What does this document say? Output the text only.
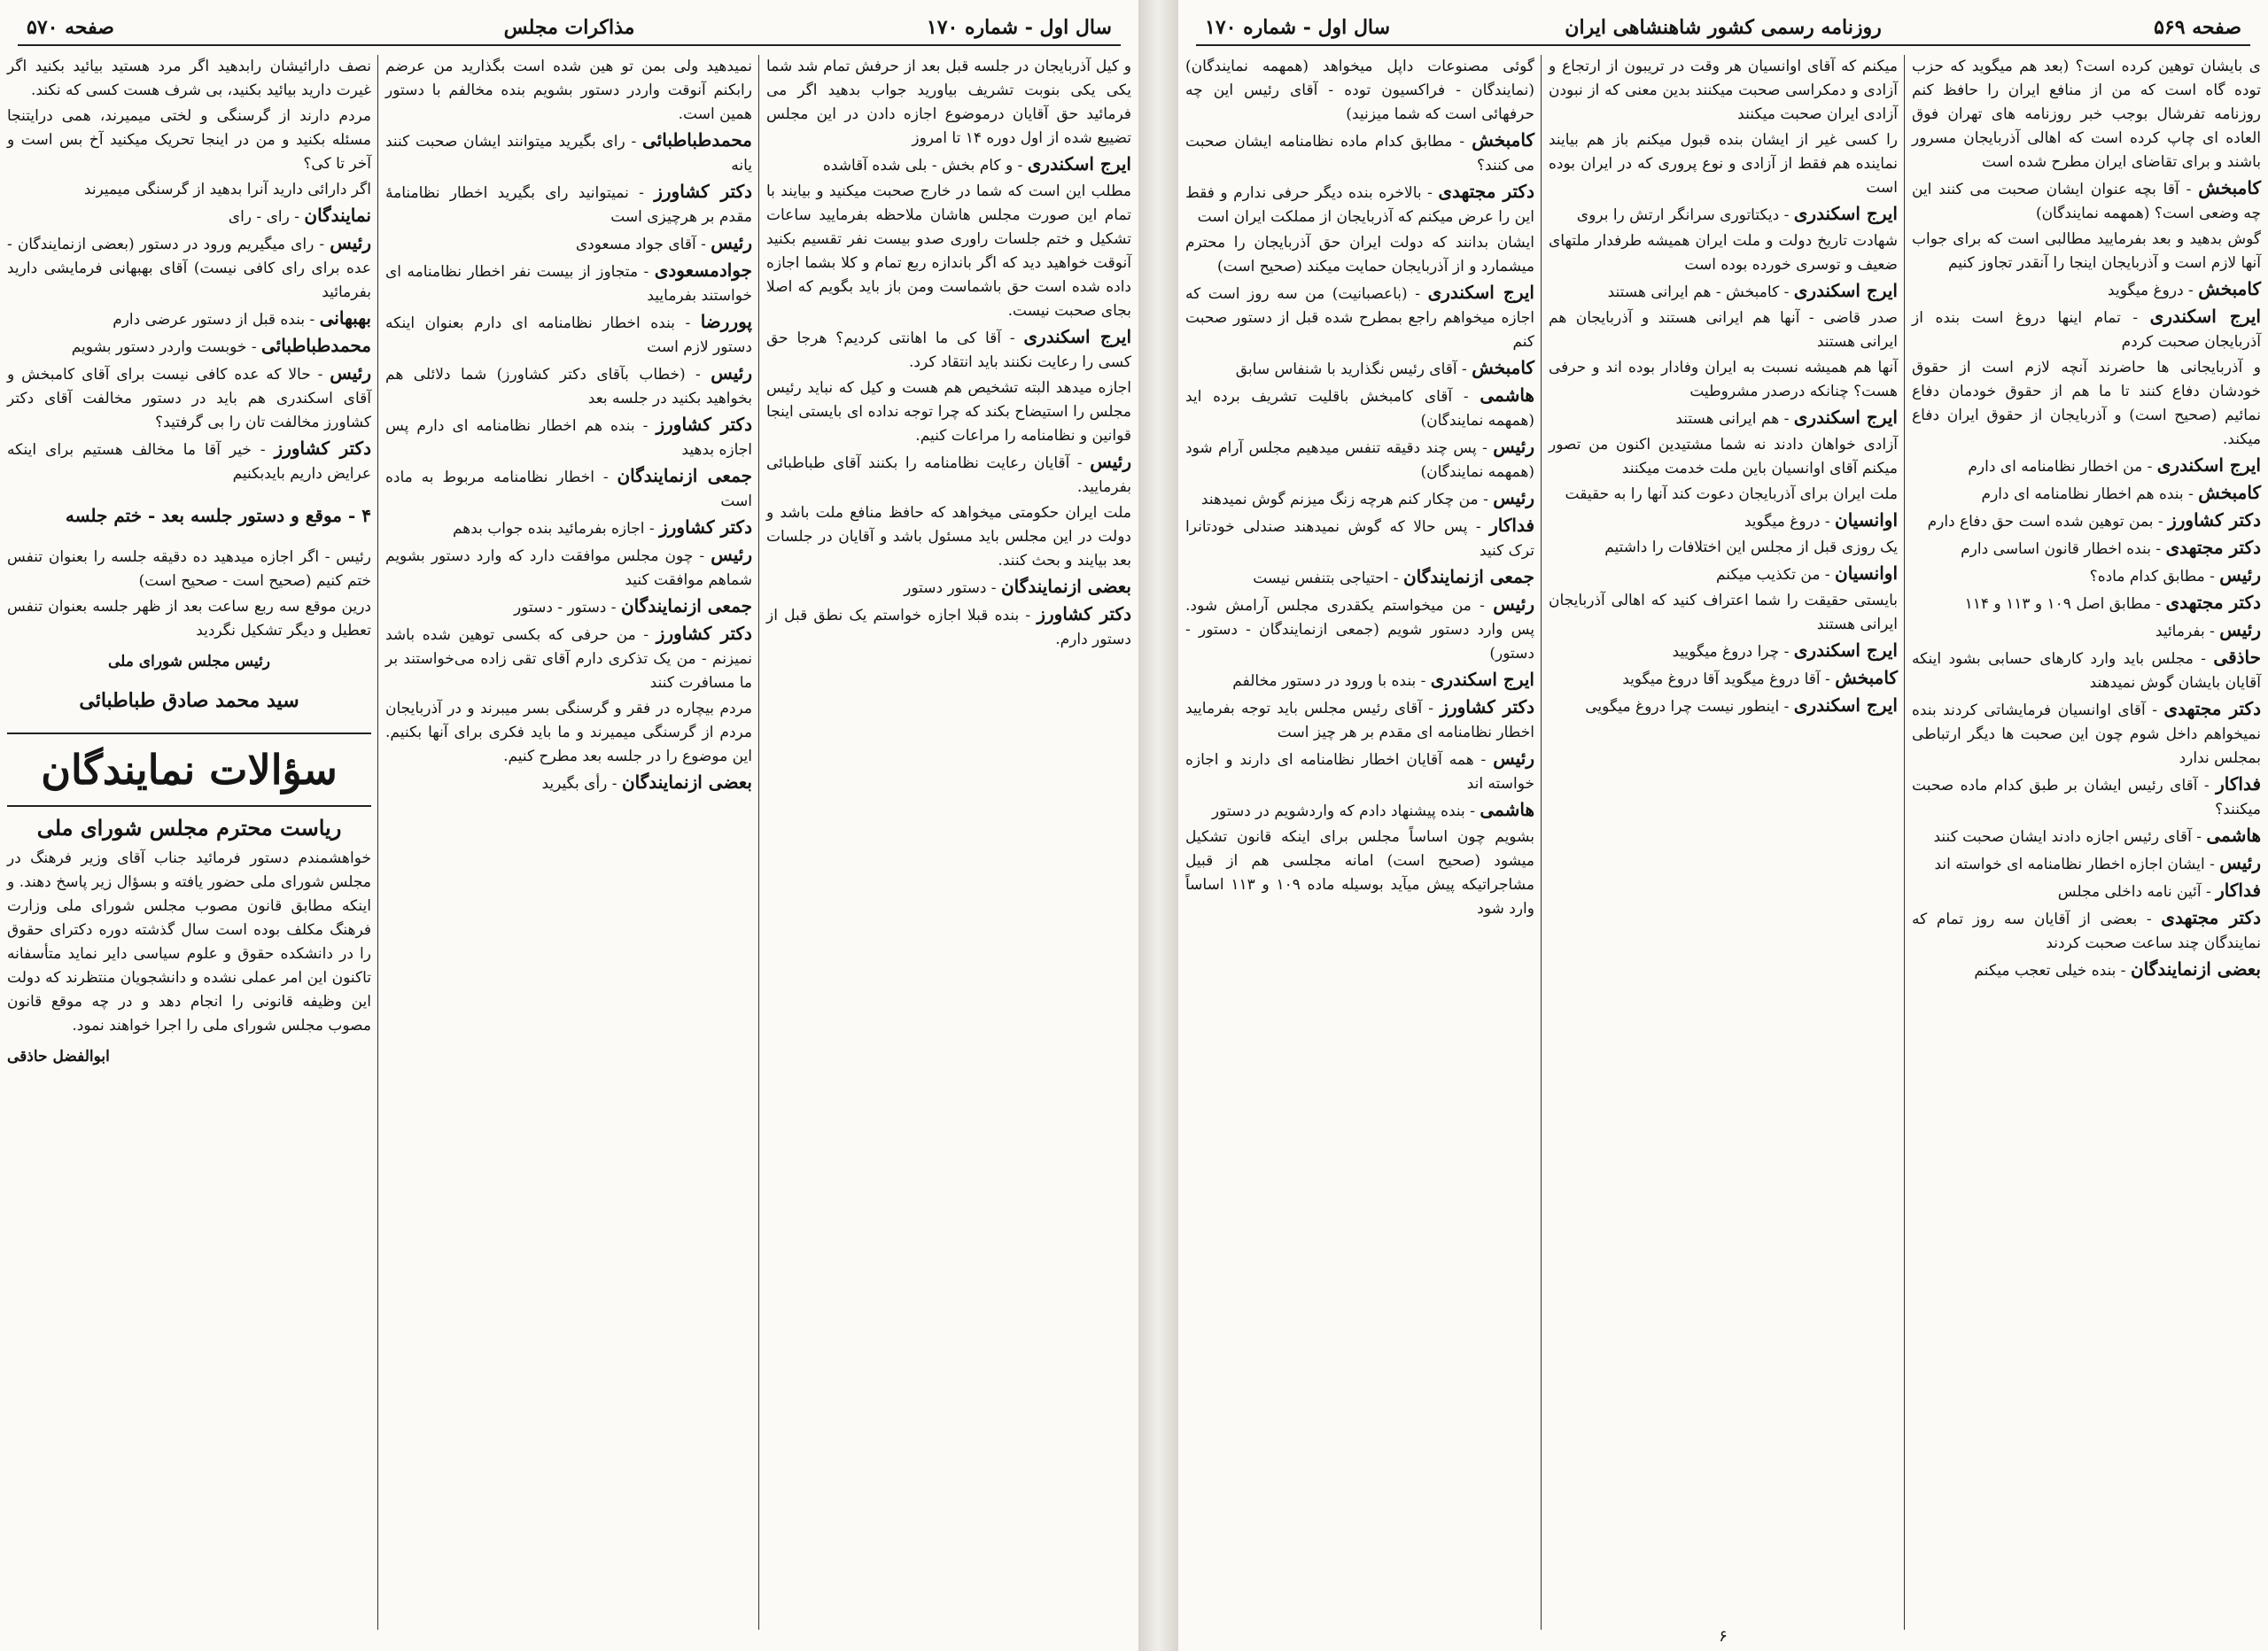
صفحه ۵۷۰	مذاکرات مجلس	سال اول - شماره ۱۷۰

و کیل آذربایجان در جلسه قبل بعد از حرفش تمام شد شما یکی یکی بنوبت تشریف بیاورید جواب بدهید اگر می فرمائید حق آقایان درموضوع اجازه دادن در این مجلس تضییع شده از اول دوره ۱۴ تا امروز

ایرج اسکندری - و کام بخش - بلی شده آقاشده

مطلب این است که شما در خارج صحبت میکنید و بیایند با تمام این صورت مجلس هاشان ملاحظه بفرمایید ساعات تشکیل و ختم جلسات راوری صدو بیست نفر تقسیم بکنید آنوقت خواهید دید که اگر باندازه ربع تمام و کلا بشما اجازه داده شده است حق باشماست ومن باز باید بگویم که اصلا بجای صحبت نیست.

ایرج اسکندری - آقا کی ما اهانتی کردیم؟ هرجا حق کسی را رعایت نکنند باید انتقاد کرد.

اجازه میدهد البته تشخیص هم هست و کیل که نباید رئیس مجلس را استیضاح بکند که چرا توجه نداده ای بایستی اینجا قوانین و نظامنامه را مراعات کنیم.

رئیس - آقایان رعایت نظامنامه را بکنند آقای طباطبائی بفرمایید.

ملت ایران حکومتی میخواهد که حافظ منافع ملت باشد و دولت در این مجلس باید مسئول باشد و آقایان در جلسات بعد بیایند و بحث کنند.

بعضی ازنمایندگان - دستور دستور

دکتر کشاورز - بنده قبلا اجازه خواستم یک نطق قبل از دستور دارم.

نمیدهید ولی بمن تو هین شده است بگذارید من عرضم رابکنم آنوقت واردر دستور بشویم بنده مخالفم با دستور همین است.

محمدطباطبائی - رای بگیرید میتوانند ایشان صحبت کنند یانه

دکتر کشاورز - نمیتوانید رای بگیرید اخطار نظامنامهٔ مقدم بر هرچیزی است

رئیس - آقای جواد مسعودی

جوادمسعودی - متجاوز از بیست نفر اخطار نظامنامه ای خواستند بفرمایید

پوررضا - بنده اخطار نظامنامه ای دارم بعنوان اینکه دستور لازم است

رئیس - (خطاب بآقای دکتر کشاورز) شما دلائلی هم بخواهید بکنید در جلسه بعد

دکتر کشاورز - بنده هم اخطار نظامنامه ای دارم پس اجازه بدهید

جمعی ازنمایندگان - اخطار نظامنامه مربوط به ماده است

دکتر کشاورز - اجازه بفرمائید بنده جواب بدهم

رئیس - چون مجلس موافقت دارد که وارد دستور بشویم شماهم موافقت کنید

جمعی ازنمایندگان - دستور - دستور

دکتر کشاورز - من حرفی که بکسی توهین شده باشد نمیزنم - من یک تذکری دارم آقای تقی زاده می‌خواستند بر ما مسافرت کنند

مردم بیچاره در فقر و گرسنگی بسر میبرند و در آذربایجان مردم از گرسنگی میمیرند و ما باید فکری برای آنها بکنیم. این موضوع را در جلسه بعد مطرح کنیم.

بعضی ازنمایندگان - رأی بگیرید

نصف دارائیشان رابدهید اگر مرد هستید بیائید بکنید اگر غیرت دارید بیائید بکنید، بی شرف هست کسی که نکند.

مردم دارند از گرسنگی و لختی میمیرند، همی درایتنجا مسئله بکنید و من در اینجا تحریک میکنید آخ بس است و آخر تا کی؟

اگر دارائی دارید آنرا بدهید از گرسنگی میمیرند

نمایندگان - رای - رای

رئیس - رای میگیریم ورود در دستور (بعضی ازنمایندگان - عده برای رای کافی نیست) آقای بهبهانی فرمایشی دارید بفرمائید

بهبهانی - بنده قبل از دستور عرضی دارم

محمدطباطبائی - خوبست واردر دستور بشویم

رئیس - حالا که عده کافی نیست برای آقای کامبخش و آقای اسکندری هم باید در دستور مخالفت آقای دکتر کشاورز مخالفت تان را بی گرفتید؟

دکتر کشاورز - خیر آقا ما مخالف هستیم برای اینکه عرایض داریم بایدبکنیم

۴ - موقع و دستور جلسه بعد - ختم جلسه

رئیس - اگر اجازه میدهید ده دقیقه جلسه را بعنوان تنفس ختم کنیم (صحیح است - صحیح است)

درین موقع سه ربع ساعت بعد از ظهر جلسه بعنوان تنفس تعطیل و دیگر تشکیل نگردید

رئیس مجلس شورای ملی

سید محمد صادق طباطبائی

سؤالات نمایندگان
ریاست محترم مجلس شورای ملی

خواهشمندم دستور فرمائید جناب آقای وزیر فرهنگ در مجلس شورای ملی حضور یافته و بسؤال زیر پاسخ دهند. و اینکه مطابق قانون مصوب مجلس شورای ملی وزارت فرهنگ مکلف بوده است سال گذشته دوره دکترای حقوق را در دانشکده حقوق و علوم سیاسی دایر نماید متأسفانه تاکنون این امر عملی نشده و دانشجویان منتظرند که دولت این وظیفه قانونی را انجام دهد و در چه موقع قانون مصوب مجلس شورای ملی را اجرا خواهند نمود.

ابوالفضل حاذقی

صفحه ۵۶۹
روزنامه رسمی کشور شاهنشاهی ایران
سال اول - شماره ۱۷۰

ی بایشان توهین کرده است؟ (بعد هم میگوید که حزب توده گاه است که من از منافع ایران را حافظ کنم روزنامه تفرشال بوجب خبر روزنامه های تهران فوق العاده ای چاپ کرده است که اهالی آذربایجان مسرور باشند و برای تقاضای ایران مطرح شده است

کامبخش - آقا بچه عنوان ایشان صحبت می کنند این چه وضعی است؟ (همهمه نمایندگان)

گوش بدهید و بعد بفرمایید مطالبی است که برای جواب آنها لازم است و آذربایجان اینجا را آنقدر تجاوز کنیم

کامبخش - دروغ میگوید

ایرج اسکندری - تمام اینها دروغ است بنده از آذربایجان صحبت کردم

و آذربایجانی ها حاضرند آنچه لازم است از حقوق خودشان دفاع کنند تا ما هم از حقوق خودمان دفاع نمائیم (صحیح است) و آذربایجان از حقوق ایران دفاع میکند.

ایرج اسکندری - من اخطار نظامنامه ای دارم

کامبخش - بنده هم اخطار نظامنامه ای دارم

دکتر کشاورز - بمن توهین شده است حق دفاع دارم

دکتر مجتهدی - بنده اخطار قانون اساسی دارم

رئیس - مطابق کدام ماده؟

دکتر مجتهدی - مطابق اصل ۱۰۹ و ۱۱۳ و ۱۱۴

رئیس - بفرمائید

حاذقی - مجلس باید وارد کارهای حسابی بشود اینکه آقایان بایشان گوش نمیدهند

دکتر مجتهدی - آقای اوانسیان فرمایشاتی کردند بنده نمیخواهم داخل شوم چون این صحبت ها دیگر ارتباطی بمجلس ندارد

فداکار - آقای رئیس ایشان بر طبق کدام ماده صحبت میکنند؟

هاشمی - آقای رئیس اجازه دادند ایشان صحبت کنند

رئیس - ایشان اجازه اخطار نظامنامه ای خواسته اند

فداکار - آئین نامه داخلی مجلس

دکتر مجتهدی - بعضی از آقایان سه روز تمام که نمایندگان چند ساعت صحبت کردند

بعضی ازنمایندگان - بنده خیلی تعجب میکنم

میکنم که آقای اوانسیان هر وقت در تریبون از ارتجاع و آزادی و دمکراسی صحبت میکنند بدین معنی که از نبودن آزادی ایران صحبت میکنند

را کسی غیر از ایشان بنده قبول میکنم باز هم بیایند نماینده هم فقط از آزادی و نوع پروری که در ایران بوده است

ایرج اسکندری - دیکتاتوری سرانگر ارتش را بروی

شهادت تاریخ دولت و ملت ایران همیشه طرفدار ملتهای ضعیف و توسری خورده بوده است

ایرج اسکندری - کامبخش - هم ایرانی هستند

صدر قاضی - آنها هم ایرانی هستند و آذربایجان هم ایرانی هستند

آنها هم همیشه نسبت به ایران وفادار بوده اند و حرفی هست؟ چنانکه درصدر مشروطیت

ایرج اسکندری - هم ایرانی هستند

آزادی خواهان دادند نه شما مشتیدین اکنون من تصور میکنم آقای اوانسیان باین ملت خدمت میکنند

ملت ایران برای آذربایجان دعوت کند آنها را به حقیقت

اوانسیان - دروغ میگوید

یک روزی قبل از مجلس این اختلافات را داشتیم

اوانسیان - من تکذیب میکنم

بایستی حقیقت را شما اعتراف کنید که اهالی آذربایجان ایرانی هستند

ایرج اسکندری - چرا دروغ میگویید

کامبخش - آقا دروغ میگوید آقا دروغ میگوید

ایرج اسکندری - اینطور نیست چرا دروغ میگویی

گوئی مصنوعات داپل میخواهد (همهمه نمایندگان) (نمایندگان - فراکسیون توده - آقای رئیس این چه حرفهائی است که شما میزنید)

کامبخش - مطابق کدام ماده نظامنامه ایشان صحبت می کنند؟

دکتر مجتهدی - بالاخره بنده دیگر حرفی ندارم و فقط این را عرض میکنم که آذربایجان از مملکت ایران است

ایشان بدانند که دولت ایران حق آذربایجان را محترم میشمارد و از آذربایجان حمایت میکند (صحیح است)

ایرج اسکندری - (باعصبانیت) من سه روز است که اجازه میخواهم راجع بمطرح شده قبل از دستور صحبت کنم

کامبخش - آقای رئیس نگذارید با شنفاس سابق

هاشمی - آقای کامبخش باقلیت تشریف برده اید (همهمه نمایندگان)

رئیس - پس چند دقیقه تنفس میدهیم مجلس آرام شود (همهمه نمایندگان)

رئیس - من چکار کنم هرچه زنگ میزنم گوش نمیدهند

فداکار - پس حالا که گوش نمیدهند صندلی خودتانرا ترک کنید

جمعی ازنمایندگان - احتیاجی بتنفس نیست

رئیس - من میخواستم یکقدری مجلس آرامش شود. پس وارد دستور شویم (جمعی ازنمایندگان - دستور - دستور)

ایرج اسکندری - بنده با ورود در دستور مخالفم

دکتر کشاورز - آقای رئیس مجلس باید توجه بفرمایید اخطار نظامنامه ای مقدم بر هر چیز است

رئیس - همه آقایان اخطار نظامنامه ای دارند و اجازه خواسته اند

هاشمی - بنده پیشنهاد دادم که واردشویم در دستور

بشویم چون اساساً مجلس برای اینکه قانون تشکیل میشود (صحیح است) امانه مجلسی هم از قبیل مشاجراتیکه پیش میآید بوسیله ماده ۱۰۹ و ۱۱۳ اساساً وارد شود

۶
